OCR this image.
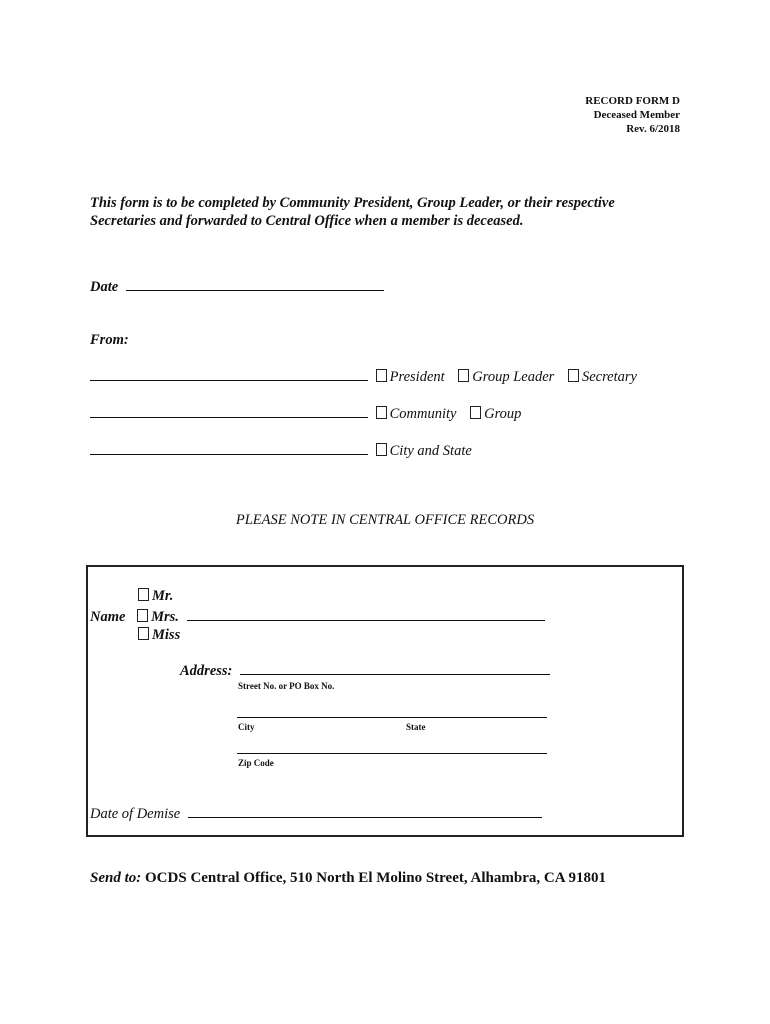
RECORD FORM D
Deceased Member
Rev. 6/2018
This form is to be completed by Community President, Group Leader, or their respective
Secretaries and forwarded to Central Office when a member is deceased.
Date
From:
President Group Leader Secretary
Community Group
City and State
PLEASE NOTE IN CENTRAL OFFICE RECORDS
Mr.
Name Mrs.
Miss
Address:
Street No. or PO Box No.
City	State
Zip Code
Date of Demise
Send to: OCDS Central Office, 510 North El Molino Street, Alhambra, CA 91801
